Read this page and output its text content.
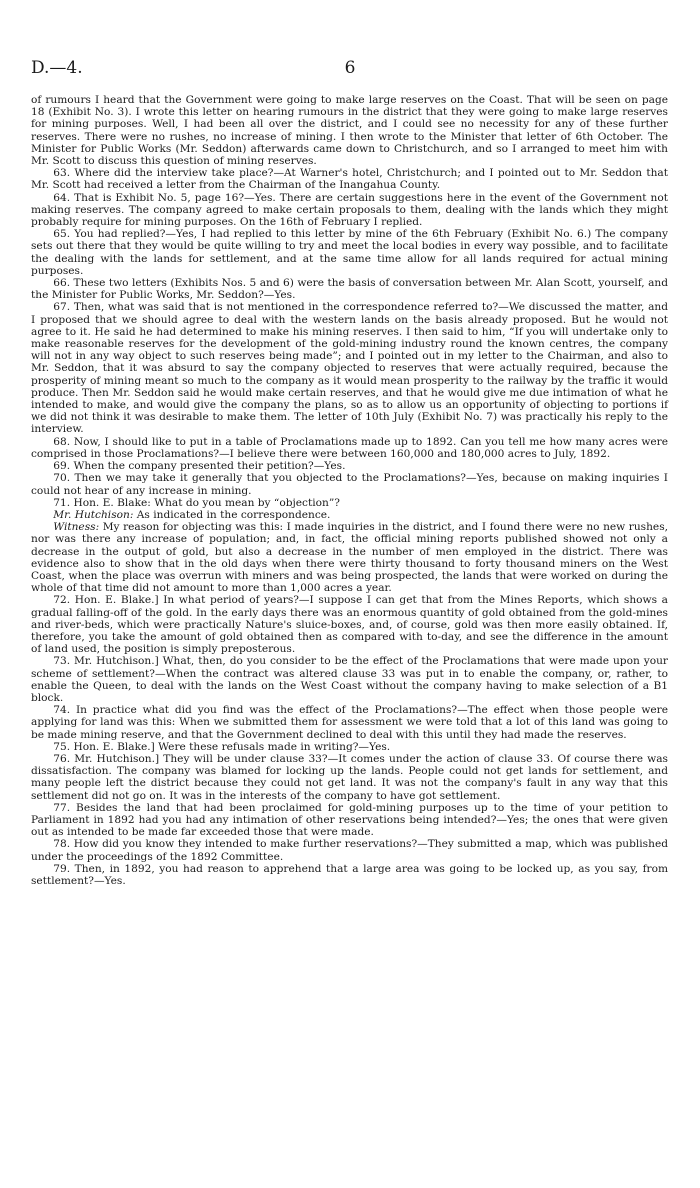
D.—4.	6

of rumours I heard that the Government were going to make large reserves on the Coast. That will be seen on page 18 (Exhibit No. 3). I wrote this letter on hearing rumours in the district that they were going to make large reserves for mining purposes. Well, I had been all over the district, and I could see no necessity for any of these further reserves. There were no rushes, no increase of mining. I then wrote to the Minister that letter of 6th October. The Minister for Public Works (Mr. Seddon) afterwards came down to Christchurch, and so I arranged to meet him with Mr. Scott to discuss this question of mining reserves.

63. Where did the interview take place?—At Warner's hotel, Christchurch; and I pointed out to Mr. Seddon that Mr. Scott had received a letter from the Chairman of the Inangahua County.

64. That is Exhibit No. 5, page 16?—Yes. There are certain suggestions here in the event of the Government not making reserves. The company agreed to make certain proposals to them, dealing with the lands which they might probably require for mining purposes. On the 16th of February I replied.

65. You had replied?—Yes, I had replied to this letter by mine of the 6th February (Exhibit No. 6.) The company sets out there that they would be quite willing to try and meet the local bodies in every way possible, and to facilitate the dealing with the lands for settlement, and at the same time allow for all lands required for actual mining purposes.

66. These two letters (Exhibits Nos. 5 and 6) were the basis of conversation between Mr. Alan Scott, yourself, and the Minister for Public Works, Mr. Seddon?—Yes.

67. Then, what was said that is not mentioned in the correspondence referred to?—We discussed the matter, and I proposed that we should agree to deal with the western lands on the basis already proposed. But he would not agree to it. He said he had determined to make his mining reserves. I then said to him, “If you will undertake only to make reasonable reserves for the development of the gold-mining industry round the known centres, the company will not in any way object to such reserves being made”; and I pointed out in my letter to the Chairman, and also to Mr. Seddon, that it was absurd to say the company objected to reserves that were actually required, because the prosperity of mining meant so much to the company as it would mean prosperity to the railway by the traffic it would produce. Then Mr. Seddon said he would make certain reserves, and that he would give me due intimation of what he intended to make, and would give the company the plans, so as to allow us an opportunity of objecting to portions if we did not think it was desirable to make them. The letter of 10th July (Exhibit No. 7) was practically his reply to the interview.

68. Now, I should like to put in a table of Proclamations made up to 1892. Can you tell me how many acres were comprised in those Proclamations?—I believe there were between 160,000 and 180,000 acres to July, 1892.

69. When the company presented their petition?—Yes.

70. Then we may take it generally that you objected to the Proclamations?—Yes, because on making inquiries I could not hear of any increase in mining.

71. Hon. E. Blake: What do you mean by “objection”?

Mr. Hutchison: As indicated in the correspondence.

Witness: My reason for objecting was this: I made inquiries in the district, and I found there were no new rushes, nor was there any increase of population; and, in fact, the official mining reports published showed not only a decrease in the output of gold, but also a decrease in the number of men employed in the district. There was evidence also to show that in the old days when there were thirty thousand to forty thousand miners on the West Coast, when the place was overrun with miners and was being prospected, the lands that were worked on during the whole of that time did not amount to more than 1,000 acres a year.

72. Hon. E. Blake.] In what period of years?—I suppose I can get that from the Mines Reports, which shows a gradual falling-off of the gold. In the early days there was an enormous quantity of gold obtained from the gold-mines and river-beds, which were practically Nature's sluice-boxes, and, of course, gold was then more easily obtained. If, therefore, you take the amount of gold obtained then as compared with to-day, and see the difference in the amount of land used, the position is simply preposterous.

73. Mr. Hutchison.] What, then, do you consider to be the effect of the Proclamations that were made upon your scheme of settlement?—When the contract was altered clause 33 was put in to enable the company, or, rather, to enable the Queen, to deal with the lands on the West Coast without the company having to make selection of a B1 block.

74. In practice what did you find was the effect of the Proclamations?—The effect when those people were applying for land was this: When we submitted them for assessment we were told that a lot of this land was going to be made mining reserve, and that the Government declined to deal with this until they had made the reserves.

75. Hon. E. Blake.] Were these refusals made in writing?—Yes.

76. Mr. Hutchison.] They will be under clause 33?—It comes under the action of clause 33. Of course there was dissatisfaction. The company was blamed for locking up the lands. People could not get lands for settlement, and many people left the district because they could not get land. It was not the company's fault in any way that this settlement did not go on. It was in the interests of the company to have got settlement.

77. Besides the land that had been proclaimed for gold-mining purposes up to the time of your petition to Parliament in 1892 had you had any intimation of other reservations being intended?—Yes; the ones that were given out as intended to be made far exceeded those that were made.

78. How did you know they intended to make further reservations?—They submitted a map, which was published under the proceedings of the 1892 Committee.

79. Then, in 1892, you had reason to apprehend that a large area was going to be locked up, as you say, from settlement?—Yes.
